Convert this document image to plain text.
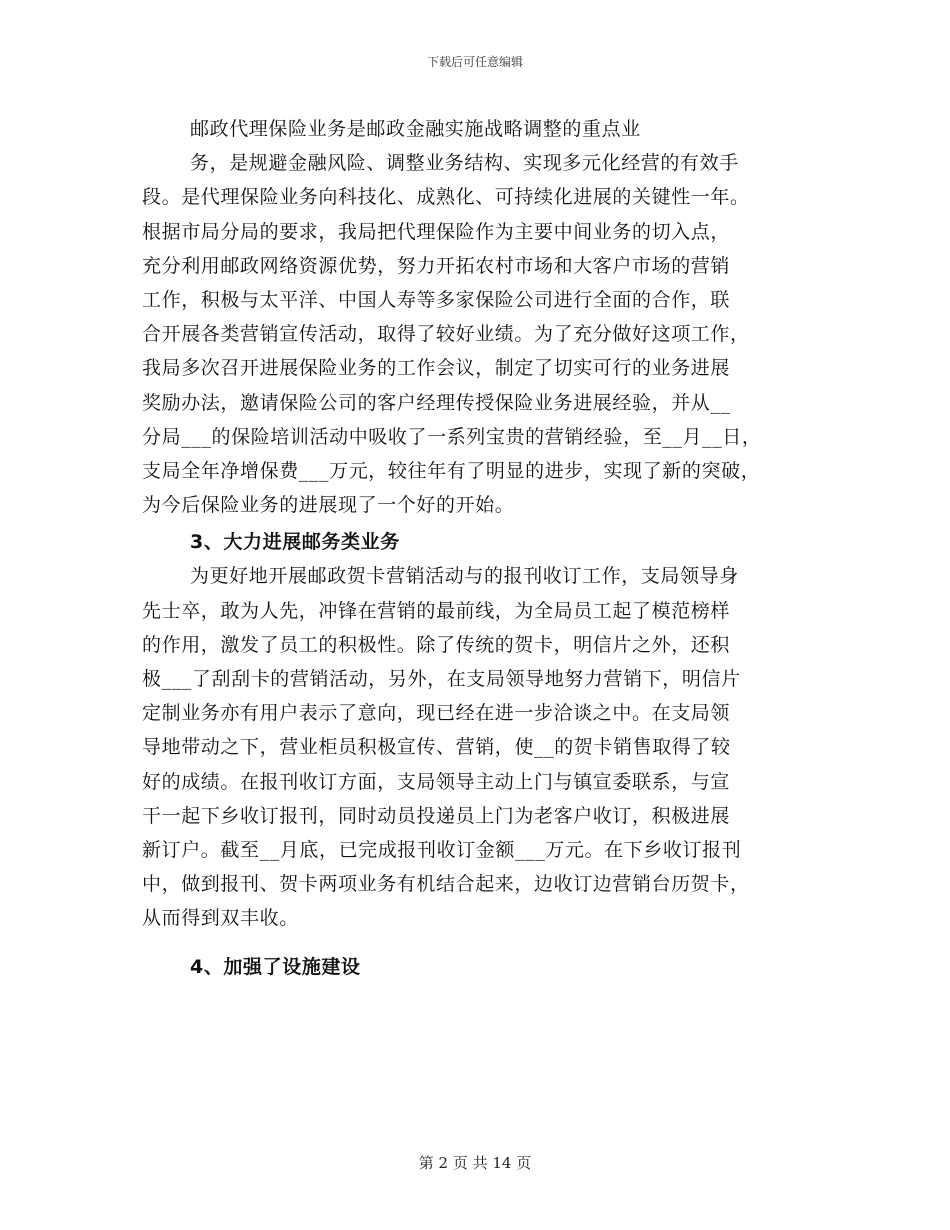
下载后可任意编辑
邮政代理保险业务是邮政金融实施战略调整的重点业
务，是规避金融风险、调整业务结构、实现多元化经营的有效手
段。是代理保险业务向科技化、成熟化、可持续化进展的关键性一年。
根据市局分局的要求，我局把代理保险作为主要中间业务的切入点，
充分利用邮政网络资源优势，努力开拓农村市场和大客户市场的营销
工作，积极与太平洋、中国人寿等多家保险公司进行全面的合作，联
合开展各类营销宣传活动，取得了较好业绩。为了充分做好这项工作，
我局多次召开进展保险业务的工作会议，制定了切实可行的业务进展
奖励办法，邀请保险公司的客户经理传授保险业务进展经验，并从__
分局___的保险培训活动中吸收了一系列宝贵的营销经验，至__月__日，
支局全年净增保费___万元，较往年有了明显的进步，实现了新的突破，
为今后保险业务的进展现了一个好的开始。
3、大力进展邮务类业务
为更好地开展邮政贺卡营销活动与的报刊收订工作，支局领导身
先士卒，敢为人先，冲锋在营销的最前线，为全局员工起了模范榜样
的作用，激发了员工的积极性。除了传统的贺卡，明信片之外，还积
极___了刮刮卡的营销活动，另外，在支局领导地努力营销下，明信片
定制业务亦有用户表示了意向，现已经在进一步洽谈之中。在支局领
导地带动之下，营业柜员积极宣传、营销，使__的贺卡销售取得了较
好的成绩。在报刊收订方面，支局领导主动上门与镇宣委联系，与宣
干一起下乡收订报刊，同时动员投递员上门为老客户收订，积极进展
新订户。截至__月底，已完成报刊收订金额___万元。在下乡收订报刊
中，做到报刊、贺卡两项业务有机结合起来，边收订边营销台历贺卡，
从而得到双丰收。
4、加强了设施建设
第 2 页 共 14 页
